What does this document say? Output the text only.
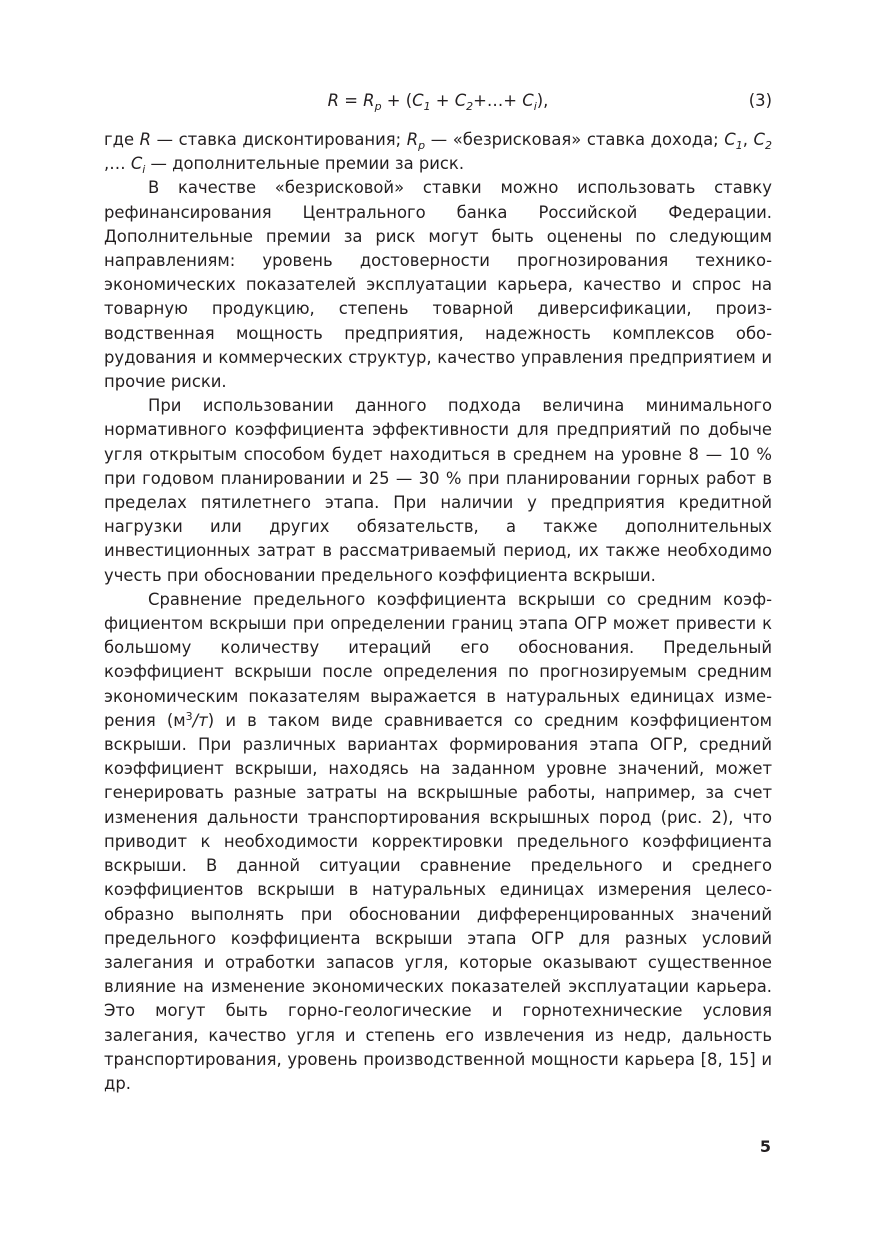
$R = R_p + (C_1$ + $C_2+\dots+ C_i$),	(3)

где R — ставка дисконтирования; $R_p$ — «безрисковая» ставка дохода; $C_1$, $C_2$ ,… $C_i$ — дополнительные премии за риск.

В качестве «безрисковой» ставки можно использовать ставку рефинансирования Центрального банка Российской Федерации. Дополнительные премии за риск могут быть оценены по следующим направлениям: уровень достоверности прогнозирования технико-экономических показателей эксплуатации карьера, качество и спрос на товарную продукцию, степень товарной диверсификации, производственная мощность предприятия, надежность комплексов оборудования и коммерческих структур, качество управления предприятием и прочие риски.

При использовании данного подхода величина минимального нормативного коэффициента эффективности для предприятий по добыче угля открытым способом будет находиться в среднем на уровне 8 — 10 % при годовом планировании и 25 — 30 % при планировании горных работ в пределах пятилетнего этапа. При наличии у предприятия кредитной нагрузки или других обязательств, а также дополнительных инвестиционных затрат в рассматриваемый период, их также необходимо учесть при обосновании предельного коэффициента вскрыши.

Сравнение предельного коэффициента вскрыши со средним коэффициентом вскрыши при определении границ этапа ОГР может привести к большому количеству итераций его обоснования. Предельный коэффициент вскрыши после определения по прогнозируемым средним экономическим показателям выражается в натуральных единицах измерения $(м^3/т)$ и в таком виде сравнивается со средним коэффициентом вскрыши. При различных вариантах формирования этапа ОГР, средний коэффициент вскрыши, находясь на заданном уровне значений, может генерировать разные затраты на вскрышные работы, например, за счет изменения дальности транспортирования вскрышных пород (рис. 2), что приводит к необходимости корректировки предельного коэффициента вскрыши. В данной ситуации сравнение предельного и среднего коэффициентов вскрыши в натуральных единицах измерения целесообразно выполнять при обосновании дифференцированных значений предельного коэффициента вскрыши этапа ОГР для разных условий залегания и отработки запасов угля, которые оказывают существенное влияние на изменение экономических показателей эксплуатации карьера. Это могут быть горно-геологические и горнотехнические условия залегания, качество угля и степень его извлечения из недр, дальность транспортирования, уровень производственной мощности карьера [8, 15] и др.

5
